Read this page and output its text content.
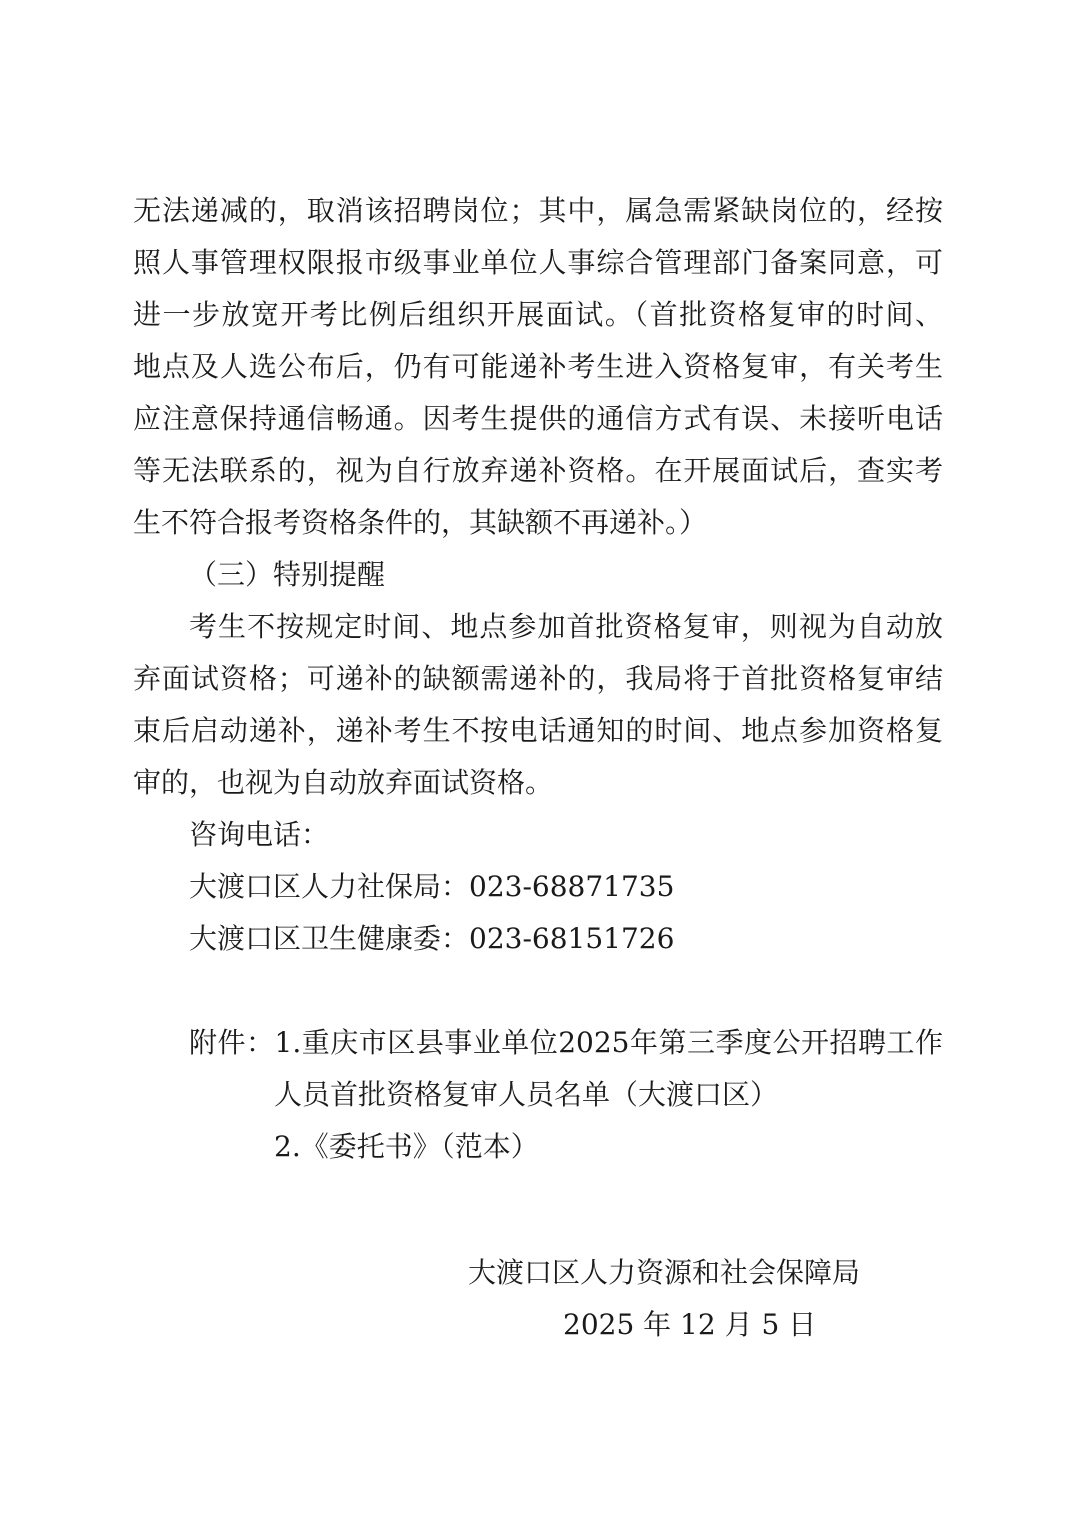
无法递减的，取消该招聘岗位；其中，属急需紧缺岗位的，经按
照人事管理权限报市级事业单位人事综合管理部门备案同意，可
进一步放宽开考比例后组织开展面试。（首批资格复审的时间、
地点及人选公布后，仍有可能递补考生进入资格复审，有关考生
应注意保持通信畅通。因考生提供的通信方式有误、未接听电话
等无法联系的，视为自行放弃递补资格。在开展面试后，查实考
生不符合报考资格条件的，其缺额不再递补。）
（三）特别提醒
考生不按规定时间、地点参加首批资格复审，则视为自动放
弃面试资格；可递补的缺额需递补的，我局将于首批资格复审结
束后启动递补，递补考生不按电话通知的时间、地点参加资格复
审的，也视为自动放弃面试资格。
咨询电话：
大渡口区人力社保局：023-68871735
大渡口区卫生健康委：023-68151726
附件：1.重庆市区县事业单位2025年第三季度公开招聘工作
人员首批资格复审人员名单（大渡口区）
2.《委托书》（范本）
大渡口区人力资源和社会保障局
2025 年 12 月 5 日
